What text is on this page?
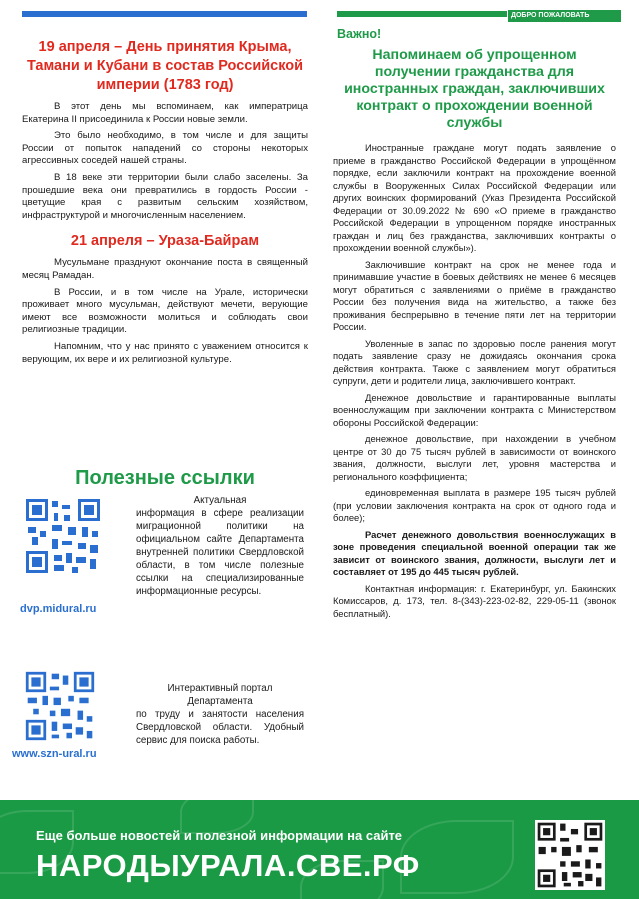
ДОБРО ПОЖАЛОВАТЬ

19 апреля – День принятия Крыма, Тамани и Кубани в состав Российской империи (1783 год)

В этот день мы вспоминаем, как императрица Екатерина II присоединила к России новые земли.

Это было необходимо, в том числе и для защиты России от попыток нападений со стороны некоторых агрессивных соседей нашей страны.

В 18 веке эти территории были слабо заселены. За прошедшие века они превратились в гордость России - цветущие края с развитым сельским хозяйством, инфраструктурой и многочисленным населением.

21 апреля – Ураза-Байрам

Мусульмане празднуют окончание поста в священный месяц Рамадан.

В России, и в том числе на Урале, исторически проживает много мусульман, действуют мечети, верующие имеют все возможности молиться и соблюдать свои религиозные традиции.

Напомним, что у нас принято с уважением относится к верующим, их вере и их религиозной культуре.

Полезные ссылки
dvp.midural.ru
Актуальная
информация в сфере реализации миграционной политики на официальном сайте Департамента внутренней политики Свердловской области, в том числе полезные ссылки на специализированные информационные ресурсы.
www.szn-ural.ru
Интерактивный портал Департамента
по труду и занятости населения Свердловской области. Удобный сервис для поиска работы.
Важно!

Напоминаем об упрощенном получении гражданства для иностранных граждан, заключивших контракт о прохождении военной службы

Иностранные граждане могут подать заявление о приеме в гражданство Российской Федерации в упрощённом порядке, если заключили контракт на прохождение военной службы в Вооруженных Силах Российской Федерации или других воинских формирований (Указ Президента Российской Федерации от 30.09.2022 № 690 «О приеме в гражданство Российской Федерации в упрощенном порядке иностранных граждан и лиц без гражданства, заключивших контракты о прохождении военной службы»).

Заключившие контракт на срок не менее года и принимавшие участие в боевых действиях не менее 6 месяцев могут обратиться с заявлениями о приёме в гражданство России без получения вида на жительство, а также без проживания беспрерывно в течение пяти лет на территории России.

Уволенные в запас по здоровью после ранения могут подать заявление сразу не дожидаясь окончания срока действия контракта. Также с заявлением могут обратиться супруги, дети и родители лица, заключившего контракт.

Денежное довольствие и гарантированные выплаты военнослужащим при заключении контракта с Министерством обороны Российской Федерации:

денежное довольствие, при нахождении в учебном центре от 30 до 75 тысяч рублей в зависимости от воинского звания, должности, выслуги лет, уровня мастерства и регионального коэффициента;

единовременная выплата в размере 195 тысяч рублей (при условии заключения контракта на срок от одного года и более);

Расчет денежного довольствия военнослужащих в зоне проведения специальной военной операции так же зависит от воинского звания, должности, выслуги лет и составляет от 195 до 445 тысяч рублей.

Контактная информация: г. Екатеринбург, ул. Бакинских Комиссаров, д. 173, тел. 8-(343)-223-02-82, 229-05-11 (звонок бесплатный).

Еще больше новостей и полезной информации на сайте
НАРОДЫУРАЛА.СВЕ.РФ
